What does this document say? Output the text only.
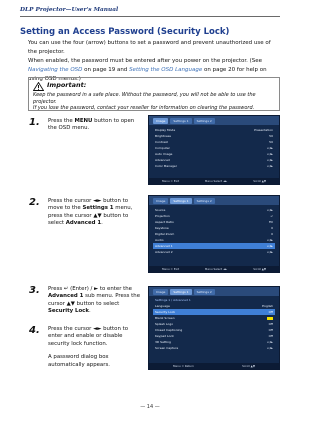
DLP Projector—User's Manual
Setting an Access Password (Security Lock)

You can use the four (arrow) buttons to set a password and prevent unauthorized use of the projector.

When enabled, the password must be entered after you power on the projector. (See Navigating the OSD on page 19 and Setting the OSD Language on page 20 for help on using OSD menus.)

Important:
Keep the password in a safe place. Without the password, you will not be able to use the projector.
If you lose the password, contact your reseller for information on clearing the password.
1. Press the MENU button to open the OSD menu.
2. Press the cursor ◄► button to move to the Settings 1 menu, press the cursor ▲▼ button to select Advanced 1.
3. Press ↵ (Enter) / ► to enter the Advanced 1 sub menu. Press the cursor ▲▼ button to select Security Lock.
4. Press the cursor ◄► button to enter and enable or disable security lock function.
A password dialog box automatically appears.
Image	Settings 1	Settings 2
Display Mode	Presentation
Brightness	50
Contrast	50
Computer	↵/►
Auto Image	↵/►
Advanced	↵/►
Color Manager	↵/►
Menu = Exit	Menu Select ◄►	Scroll ▲▼
Image	Settings 1	Settings 2
Source	↵/►
Projection	↵
Aspect Ratio	Fill
Keystone	0
Digital Zoom	0
Audio	↵/►
Advanced 1	↵/►
Advanced 2	↵/►
Menu = Exit	Menu Select ◄►	Scroll ▲▼
Image	Settings 1	Settings 2
Settings 1 / Advanced 1
Language	English
Security Lock	Off
Blank Screen
Splash Logo	Off
Closed Captioning	Off
Keypad Lock	Off
3D Setting	↵/►
Screen Capture	↵/►
Menu = Return	Scroll ▲▼
— 14 —
